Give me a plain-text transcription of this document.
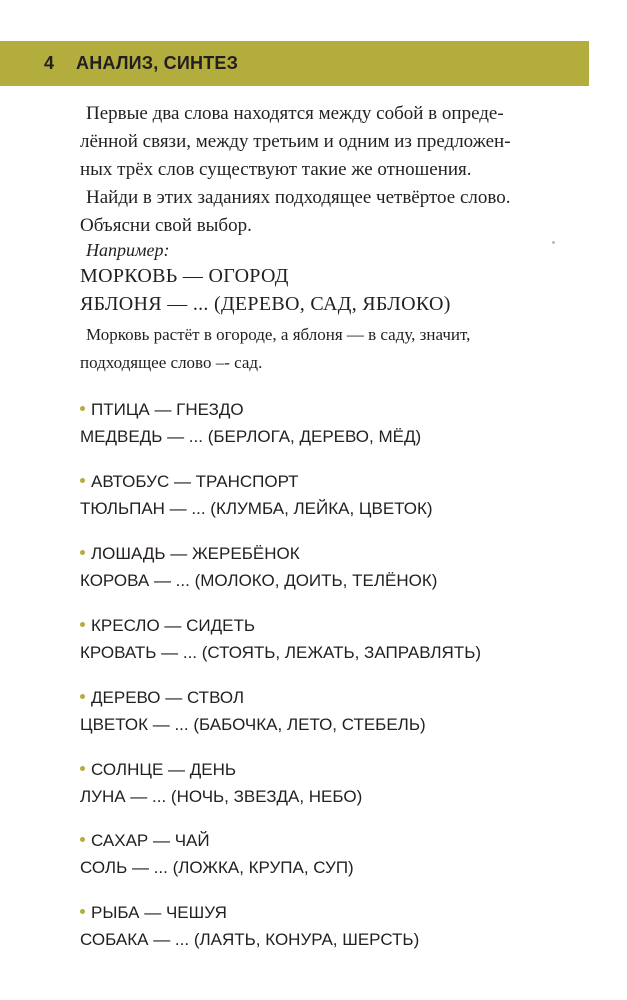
4	АНАЛИЗ, СИНТЕЗ
Первые два слова находятся между собой в опреде-
лённой связи, между третьим и одним из предложен-
ных трёх слов существуют такие же отношения.
Найди в этих заданиях подходящее четвёртое слово.
Объясни свой выбор.
Например:
МОРКОВЬ — ОГОРОД
ЯБЛОНЯ — ... (ДЕРЕВО, САД, ЯБЛОКО)
Морковь растёт в огороде, а яблоня — в саду, значит,
подходящее слово –- сад.
ПТИЦА — ГНЕЗДО
МЕДВЕДЬ — ... (БЕРЛОГА, ДЕРЕВО, МЁД)
АВТОБУС — ТРАНСПОРТ
ТЮЛЬПАН — ... (КЛУМБА, ЛЕЙКА, ЦВЕТОК)
ЛОШАДЬ — ЖЕРЕБЁНОК
КОРОВА — ... (МОЛОКО, ДОИТЬ, ТЕЛЁНОК)
КРЕСЛО — СИДЕТЬ
КРОВАТЬ — ... (СТОЯТЬ, ЛЕЖАТЬ, ЗАПРАВЛЯТЬ)
ДЕРЕВО — СТВОЛ
ЦВЕТОК — ... (БАБОЧКА, ЛЕТО, СТЕБЕЛЬ)
СОЛНЦЕ — ДЕНЬ
ЛУНА — ... (НОЧЬ, ЗВЕЗДА, НЕБО)
САХАР — ЧАЙ
СОЛЬ — ... (ЛОЖКА, КРУПА, СУП)
РЫБА — ЧЕШУЯ
СОБАКА — ... (ЛАЯТЬ, КОНУРА, ШЕРСТЬ)
